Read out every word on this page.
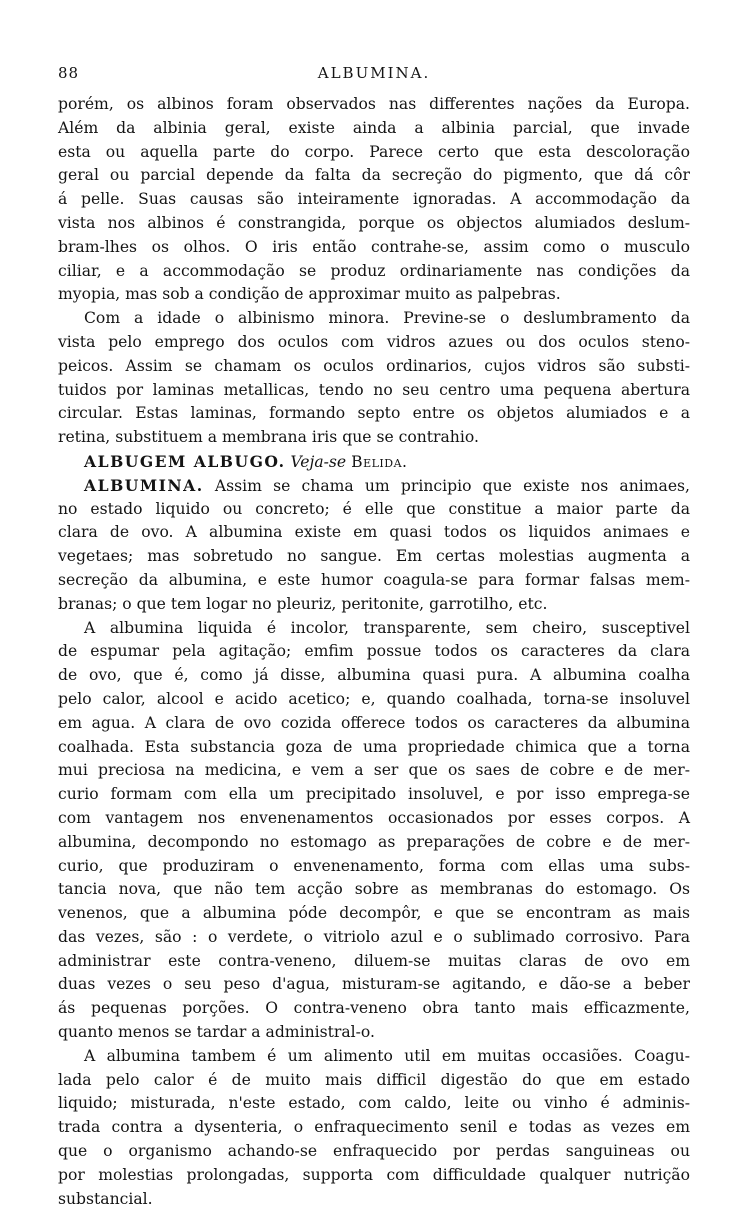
88	ALBUMINA.
porém, os albinos foram observados nas differentes nações da Europa.
Além da albinia geral, existe ainda a albinia parcial, que invade
esta ou aquella parte do corpo. Parece certo que esta descoloração
geral ou parcial depende da falta da secreção do pigmento, que dá côr
á pelle. Suas causas são inteiramente ignoradas. A accommodação da
vista nos albinos é constrangida, porque os objectos alumiados deslum-
bram-lhes os olhos. O iris então contrahe-se, assim como o musculo
ciliar, e a accommodação se produz ordinariamente nas condições da
myopia, mas sob a condição de approximar muito as palpebras.
Com a idade o albinismo minora. Previne-se o deslumbramento da
vista pelo emprego dos oculos com vidros azues ou dos oculos steno-
peicos. Assim se chamam os oculos ordinarios, cujos vidros são substi-
tuidos por laminas metallicas, tendo no seu centro uma pequena abertura
circular. Estas laminas, formando septo entre os objetos alumiados e a
retina, substituem a membrana iris que se contrahio.
ALBUGEM ALBUGO. Veja-se Belida.
ALBUMINA. Assim se chama um principio que existe nos animaes,
no estado liquido ou concreto; é elle que constitue a maior parte da
clara de ovo. A albumina existe em quasi todos os liquidos animaes e
vegetaes; mas sobretudo no sangue. Em certas molestias augmenta a
secreção da albumina, e este humor coagula-se para formar falsas mem-
branas; o que tem logar no pleuriz, peritonite, garrotilho, etc.
A albumina liquida é incolor, transparente, sem cheiro, susceptivel
de espumar pela agitação; emfim possue todos os caracteres da clara
de ovo, que é, como já disse, albumina quasi pura. A albumina coalha
pelo calor, alcool e acido acetico; e, quando coalhada, torna-se insoluvel
em agua. A clara de ovo cozida offerece todos os caracteres da albumina
coalhada. Esta substancia goza de uma propriedade chimica que a torna
mui preciosa na medicina, e vem a ser que os saes de cobre e de mer-
curio formam com ella um precipitado insoluvel, e por isso emprega-se
com vantagem nos envenenamentos occasionados por esses corpos. A
albumina, decompondo no estomago as preparações de cobre e de mer-
curio, que produziram o envenenamento, forma com ellas uma subs-
tancia nova, que não tem acção sobre as membranas do estomago. Os
venenos, que a albumina póde decompôr, e que se encontram as mais
das vezes, são : o verdete, o vitriolo azul e o sublimado corrosivo. Para
administrar este contra-veneno, diluem-se muitas claras de ovo em
duas vezes o seu peso d'agua, misturam-se agitando, e dão-se a beber
ás pequenas porções. O contra-veneno obra tanto mais efficazmente,
quanto menos se tardar a administral-o.
A albumina tambem é um alimento util em muitas occasiões. Coagu-
lada pelo calor é de muito mais difficil digestão do que em estado
liquido; misturada, n'este estado, com caldo, leite ou vinho é adminis-
trada contra a dysenteria, o enfraquecimento senil e todas as vezes em
que o organismo achando-se enfraquecido por perdas sanguineas ou
por molestias prolongadas, supporta com difficuldade qualquer nutrição
substancial.
